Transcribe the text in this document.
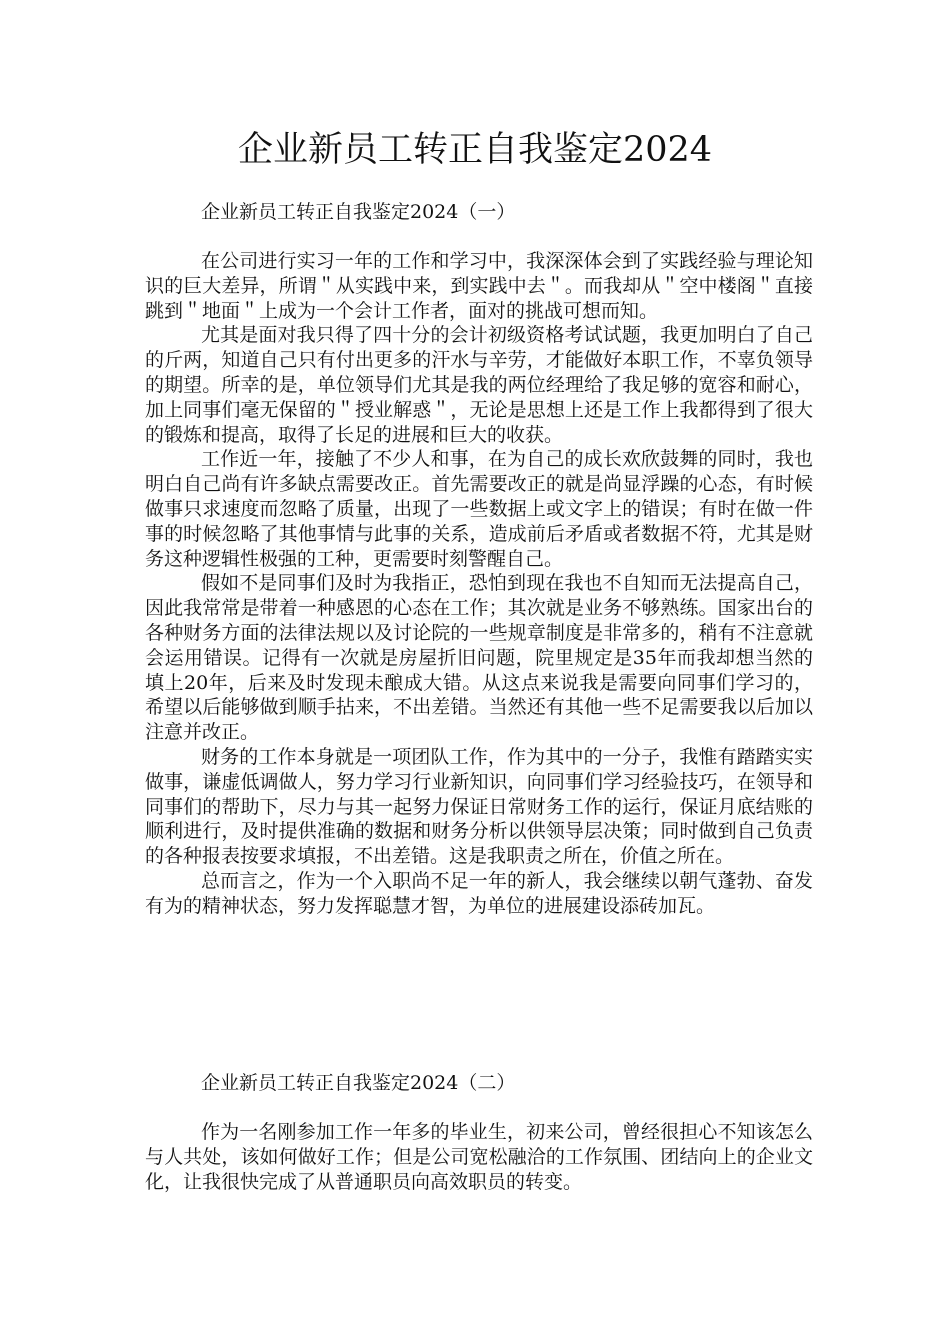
企业新员工转正自我鉴定2024
企业新员工转正自我鉴定2024（一）

在公司进行实习一年的工作和学习中，我深深体会到了实践经验与理论知识的巨大差异，所谓＂从实践中来，到实践中去＂。而我却从＂空中楼阁＂直接跳到＂地面＂上成为一个会计工作者，面对的挑战可想而知。

尤其是面对我只得了四十分的会计初级资格考试试题，我更加明白了自己的斤两，知道自己只有付出更多的汗水与辛劳，才能做好本职工作，不辜负领导的期望。所幸的是，单位领导们尤其是我的两位经理给了我足够的宽容和耐心，加上同事们毫无保留的＂授业解惑＂，无论是思想上还是工作上我都得到了很大的锻炼和提高，取得了长足的进展和巨大的收获。

工作近一年，接触了不少人和事，在为自己的成长欢欣鼓舞的同时，我也明白自己尚有许多缺点需要改正。首先需要改正的就是尚显浮躁的心态，有时候做事只求速度而忽略了质量，出现了一些数据上或文字上的错误；有时在做一件事的时候忽略了其他事情与此事的关系，造成前后矛盾或者数据不符，尤其是财务这种逻辑性极强的工种，更需要时刻警醒自己。

假如不是同事们及时为我指正，恐怕到现在我也不自知而无法提高自己，因此我常常是带着一种感恩的心态在工作；其次就是业务不够熟练。国家出台的各种财务方面的法律法规以及讨论院的一些规章制度是非常多的，稍有不注意就会运用错误。记得有一次就是房屋折旧问题，院里规定是35年而我却想当然的填上20年，后来及时发现未酿成大错。从这点来说我是需要向同事们学习的，希望以后能够做到顺手拈来，不出差错。当然还有其他一些不足需要我以后加以注意并改正。

财务的工作本身就是一项团队工作，作为其中的一分子，我惟有踏踏实实做事，谦虚低调做人，努力学习行业新知识，向同事们学习经验技巧，在领导和同事们的帮助下，尽力与其一起努力保证日常财务工作的运行，保证月底结账的顺利进行，及时提供准确的数据和财务分析以供领导层决策；同时做到自己负责的各种报表按要求填报，不出差错。这是我职责之所在，价值之所在。

总而言之，作为一个入职尚不足一年的新人，我会继续以朝气蓬勃、奋发有为的精神状态，努力发挥聪慧才智，为单位的进展建设添砖加瓦。

企业新员工转正自我鉴定2024（二）

作为一名刚参加工作一年多的毕业生，初来公司，曾经很担心不知该怎么与人共处，该如何做好工作；但是公司宽松融洽的工作氛围、团结向上的企业文化，让我很快完成了从普通职员向高效职员的转变。
